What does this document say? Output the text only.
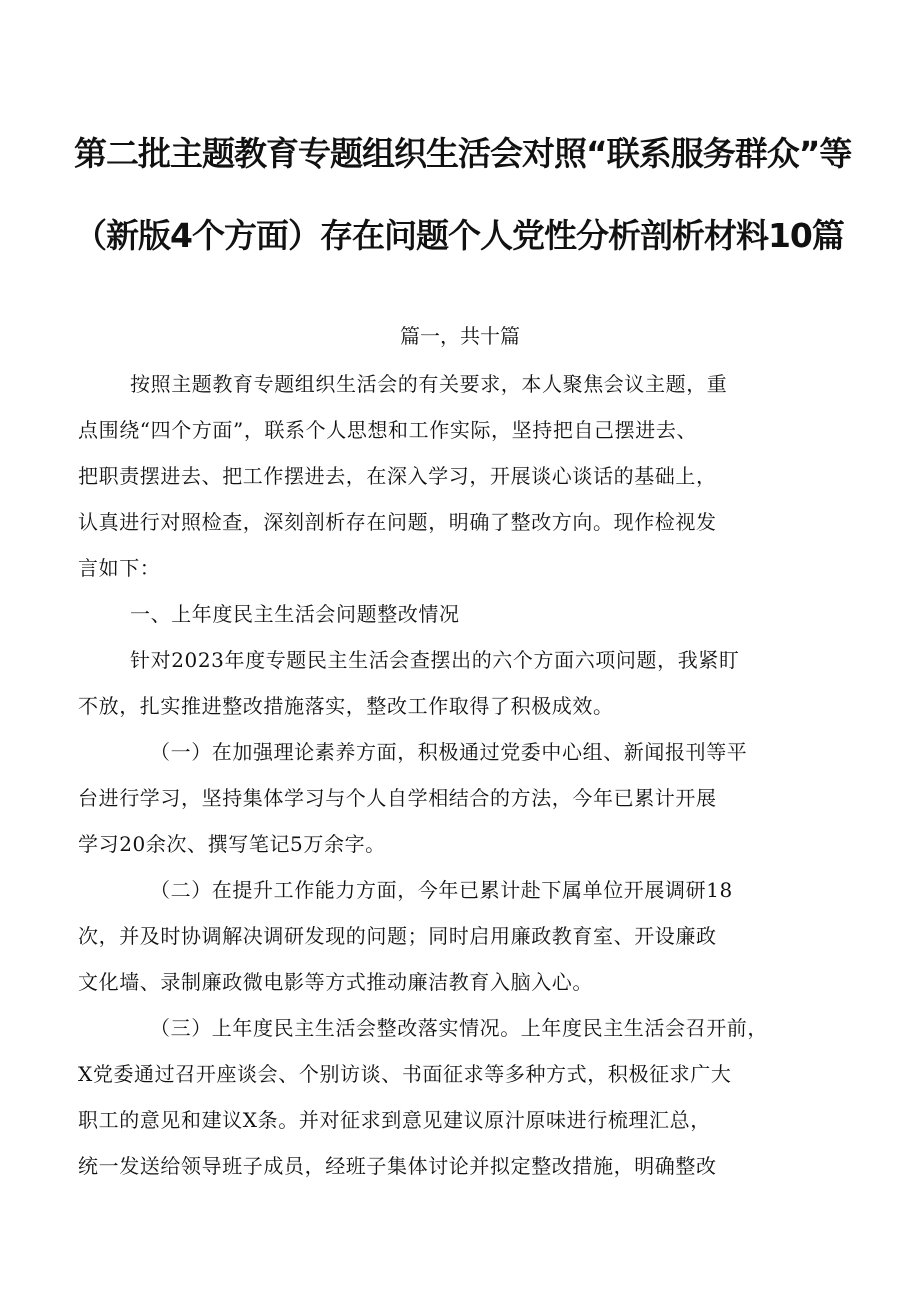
第二批主题教育专题组织生活会对照“联系服务群众”等
（新版4个方面）存在问题个人党性分析剖析材料10篇

篇一，共十篇

按照主题教育专题组织生活会的有关要求，本人聚焦会议主题，重

点围绕“四个方面”，联系个人思想和工作实际，坚持把自己摆进去、

把职责摆进去、把工作摆进去，在深入学习，开展谈心谈话的基础上，

认真进行对照检查，深刻剖析存在问题，明确了整改方向。现作检视发

言如下：

一、上年度民主生活会问题整改情况

针对2023年度专题民主生活会查摆出的六个方面六项问题，我紧盯

不放，扎实推进整改措施落实，整改工作取得了积极成效。

（一）在加强理论素养方面，积极通过党委中心组、新闻报刊等平

台进行学习，坚持集体学习与个人自学相结合的方法，今年已累计开展

学习20余次、撰写笔记5万余字。

（二）在提升工作能力方面，今年已累计赴下属单位开展调研18

次，并及时协调解决调研发现的问题；同时启用廉政教育室、开设廉政

文化墙、录制廉政微电影等方式推动廉洁教育入脑入心。

（三）上年度民主生活会整改落实情况。上年度民主生活会召开前，

X党委通过召开座谈会、个别访谈、书面征求等多种方式，积极征求广大

职工的意见和建议X条。并对征求到意见建议原汁原味进行梳理汇总，

统一发送给领导班子成员，经班子集体讨论并拟定整改措施，明确整改
